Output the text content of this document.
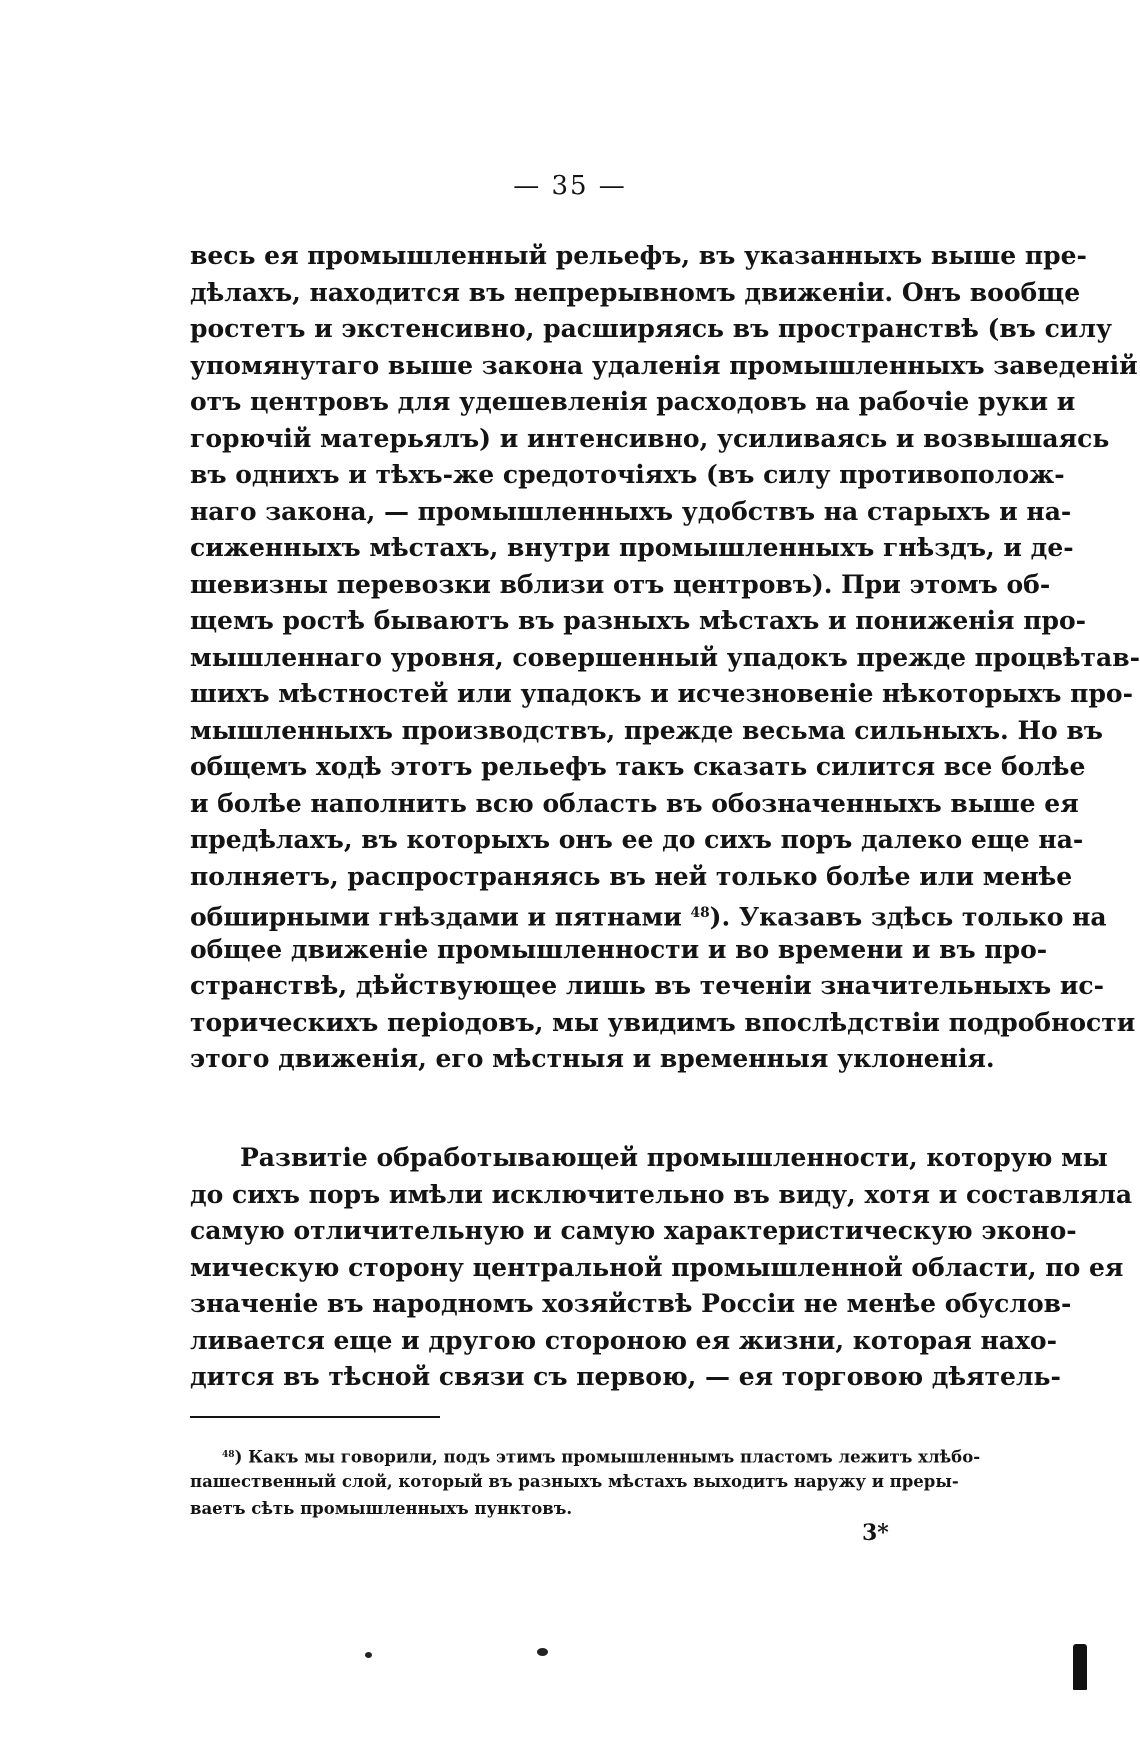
— 35 —
весь ея промышленный рельефъ, въ указанныхъ выше пре-
дѣлахъ, находится въ непрерывномъ движеніи. Онъ вообще
ростетъ и экстенсивно, расширяясь въ пространствѣ (въ силу
упомянутаго выше закона удаленія промышленныхъ заведеній
отъ центровъ для удешевленія расходовъ на рабочіе руки и
горючій матерьялъ) и интенсивно, усиливаясь и возвышаясь
въ однихъ и тѣхъ-же средоточіяхъ (въ силу противополож-
наго закона, — промышленныхъ удобствъ на старыхъ и на-
сиженныхъ мѣстахъ, внутри промышленныхъ гнѣздъ, и де-
шевизны перевозки вблизи отъ центровъ). При этомъ об-
щемъ ростѣ бываютъ въ разныхъ мѣстахъ и пониженія про-
мышленнаго уровня, совершенный упадокъ прежде процвѣтав-
шихъ мѣстностей или упадокъ и исчезновеніе нѣкоторыхъ про-
мышленныхъ производствъ, прежде весьма сильныхъ. Но въ
общемъ ходѣ этотъ рельефъ такъ сказать силится все болѣе
и болѣе наполнить всю область въ обозначенныхъ выше ея
предѣлахъ, въ которыхъ онъ ее до сихъ поръ далеко еще на-
полняетъ, распространяясь въ ней только болѣе или менѣе
обширными гнѣздами и пятнами $^{48}$). Указавъ здѣсь только на
общее движеніе промышленности и во времени и въ про-
странствѣ, дѣйствующее лишь въ теченіи значительныхъ ис-
торическихъ періодовъ, мы увидимъ впослѣдствіи подробности
этого движенія, его мѣстныя и временныя уклоненія.
Развитіе обработывающей промышленности, которую мы
до сихъ поръ имѣли исключительно въ виду, хотя и составляла
самую отличительную и самую характеристическую эконо-
мическую сторону центральной промышленной области, по ея
значеніе въ народномъ хозяйствѣ Россіи не менѣе обуслов-
ливается еще и другою стороною ея жизни, которая нахо-
дится въ тѣсной связи съ первою, — ея торговою дѣятель-
$^{48}$) Какъ мы говорили, подъ этимъ промышленнымъ пластомъ лежитъ хлѣбо-
пашественный слой, который въ разныхъ мѣстахъ выходитъ наружу и преры-
ваетъ сѣть промышленныхъ пунктовъ.
3*
